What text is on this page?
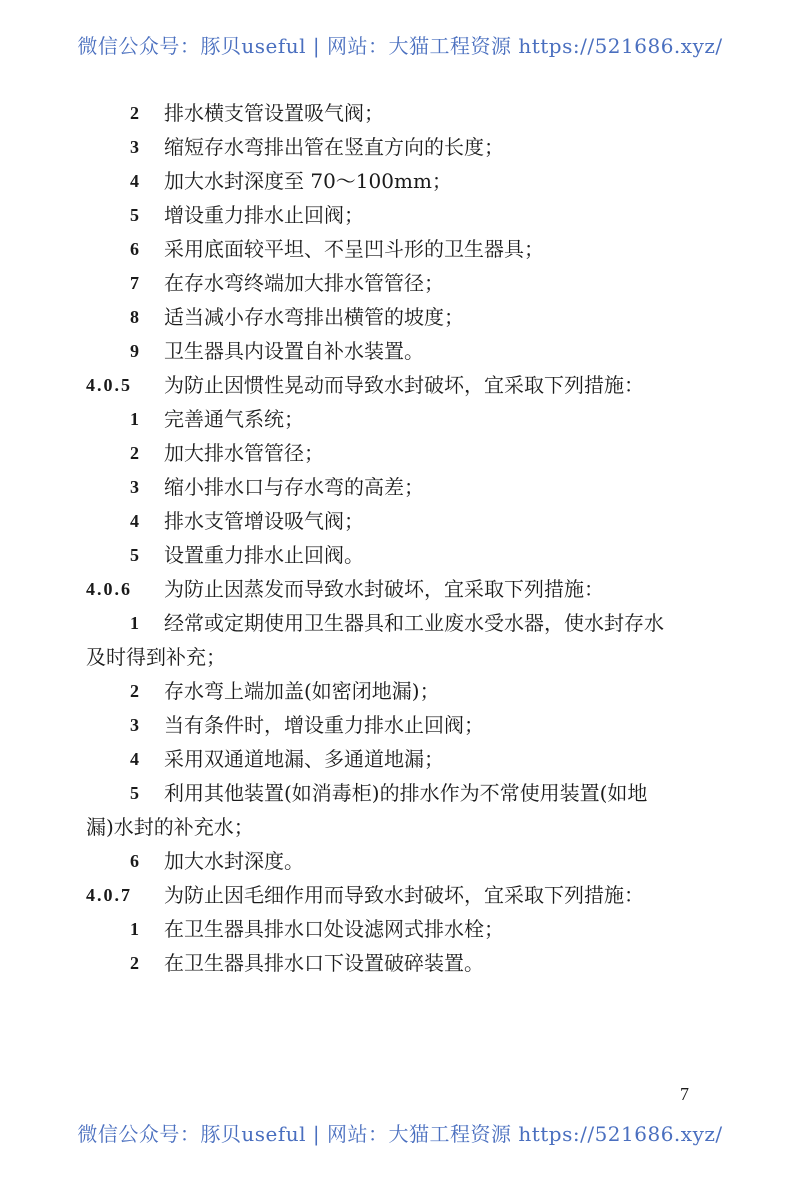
微信公众号：豚贝useful | 网站：大猫工程资源 https://521686.xyz/
2 排水横支管设置吸气阀；
3 缩短存水弯排出管在竖直方向的长度；
4 加大水封深度至 70～100mm；
5 增设重力排水止回阀；
6 采用底面较平坦、不呈凹斗形的卫生器具；
7 在存水弯终端加大排水管管径；
8 适当减小存水弯排出横管的坡度；
9 卫生器具内设置自补水装置。
4.0.5 为防止因惯性晃动而导致水封破坏，宜采取下列措施：
1 完善通气系统；
2 加大排水管管径；
3 缩小排水口与存水弯的高差；
4 排水支管增设吸气阀；
5 设置重力排水止回阀。
4.0.6 为防止因蒸发而导致水封破坏，宜采取下列措施：
1 经常或定期使用卫生器具和工业废水受水器，使水封存水
及时得到补充；
2 存水弯上端加盖(如密闭地漏)；
3 当有条件时，增设重力排水止回阀；
4 采用双通道地漏、多通道地漏；
5 利用其他装置(如消毒柜)的排水作为不常使用装置(如地
漏)水封的补充水；
6 加大水封深度。
4.0.7 为防止因毛细作用而导致水封破坏，宜采取下列措施：
1 在卫生器具排水口处设滤网式排水栓；
2 在卫生器具排水口下设置破碎装置。
7
微信公众号：豚贝useful | 网站：大猫工程资源 https://521686.xyz/
